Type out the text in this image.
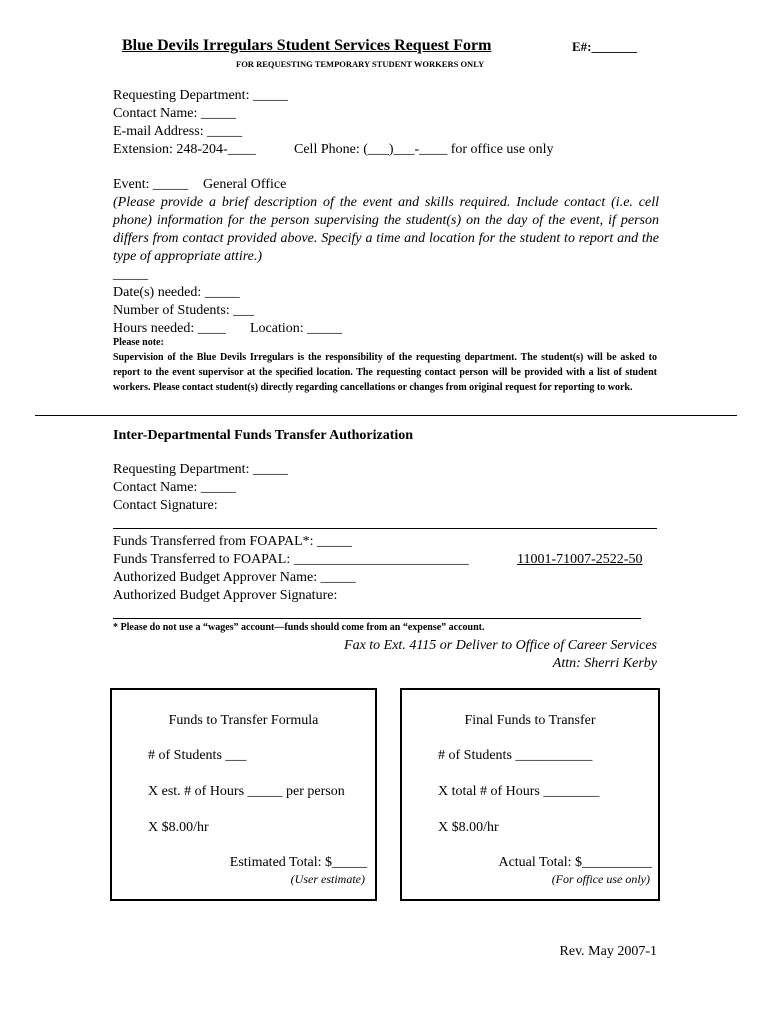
Blue Devils Irregulars Student Services Request Form	E#:_______
FOR REQUESTING TEMPORARY STUDENT WORKERS ONLY
Requesting Department: _____
Contact Name: _____
E-mail Address: _____
Extension: 248-204-____	Cell Phone: (___)___-____ for office use only
Event: _____ General Office
(Please provide a brief description of the event and skills required. Include contact (i.e. cell phone) information for the person supervising the student(s) on the day of the event, if person differs from contact provided above. Specify a time and location for the student to report and the type of appropriate attire.)
_____
Date(s) needed: _____
Number of Students: ___
Hours needed: ____ Location: _____
Please note:
Supervision of the Blue Devils Irregulars is the responsibility of the requesting department. The student(s) will be asked to report to the event supervisor at the specified location. The requesting contact person will be provided with a list of student workers. Please contact student(s) directly regarding cancellations or changes from original request for reporting to work.
Inter-Departmental Funds Transfer Authorization
Requesting Department: _____
Contact Name: _____
Contact Signature:
Funds Transferred from FOAPAL*: _____
Funds Transferred to FOAPAL: _________________________	11001-71007-2522-50
Authorized Budget Approver Name: _____
Authorized Budget Approver Signature:
* Please do not use a “wages” account—funds should come from an “expense” account.
Fax to Ext. 4115 or Deliver to Office of Career Services
Attn: Sherri Kerby
Funds to Transfer Formula
# of Students ___
X est. # of Hours _____ per person
X $8.00/hr
Estimated Total: $_____
(User estimate)
Final Funds to Transfer
# of Students ___________
X total # of Hours ________
X $8.00/hr
Actual Total: $__________
(For office use only)
Rev. May 2007-1
